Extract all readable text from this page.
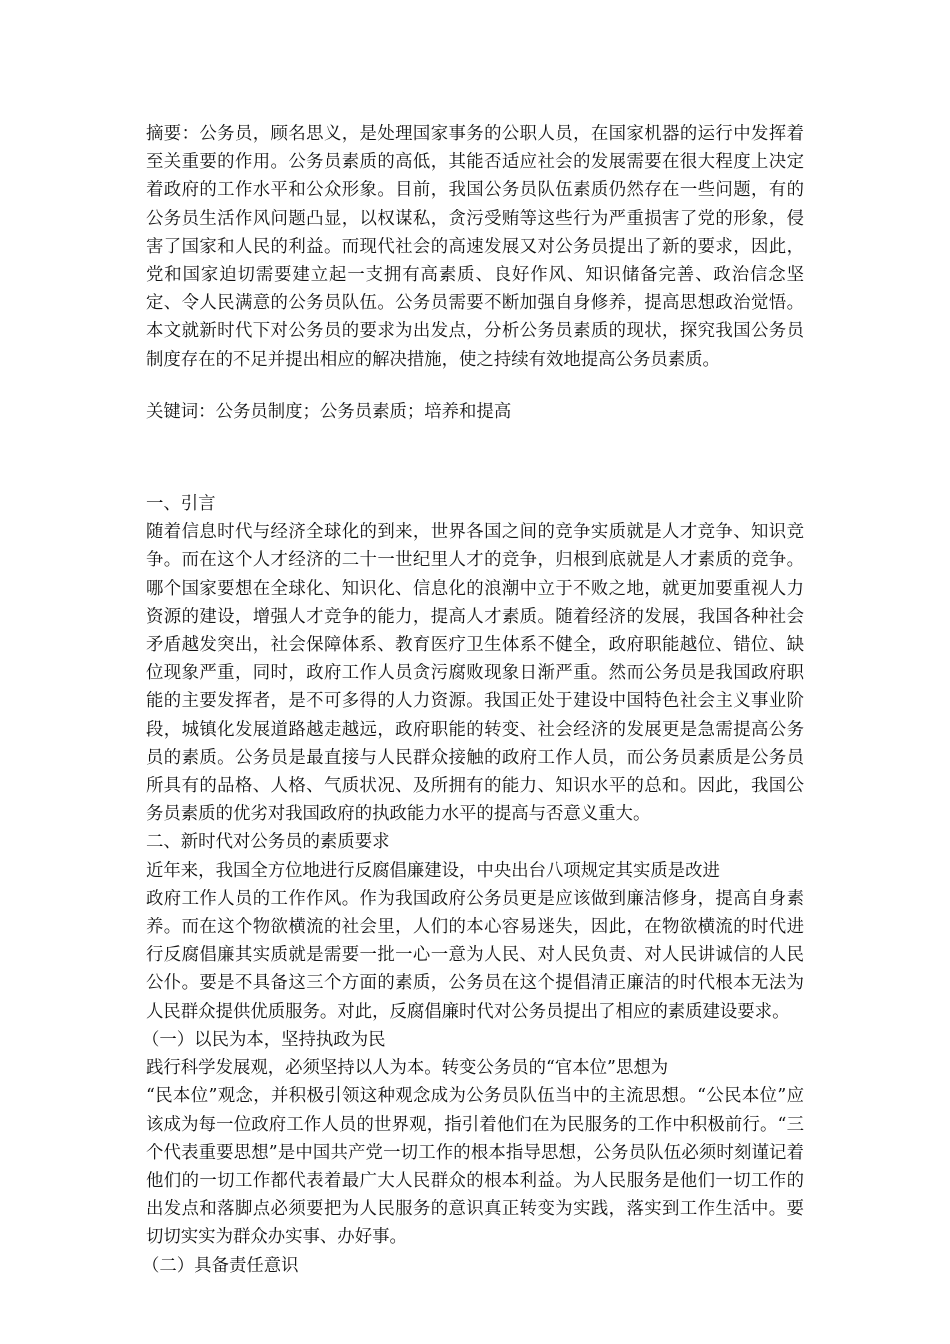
摘要：公务员，顾名思义，是处理国家事务的公职人员，在国家机器的运行中发挥着至关重要的作用。公务员素质的高低，其能否适应社会的发展需要在很大程度上决定着政府的工作水平和公众形象。目前，我国公务员队伍素质仍然存在一些问题，有的公务员生活作风问题凸显，以权谋私，贪污受贿等这些行为严重损害了党的形象，侵害了国家和人民的利益。而现代社会的高速发展又对公务员提出了新的要求，因此，党和国家迫切需要建立起一支拥有高素质、良好作风、知识储备完善、政治信念坚定、令人民满意的公务员队伍。公务员需要不断加强自身修养，提高思想政治觉悟。本文就新时代下对公务员的要求为出发点，分析公务员素质的现状，探究我国公务员制度存在的不足并提出相应的解决措施，使之持续有效地提高公务员素质。

关键词：公务员制度；公务员素质；培养和提高

一、引言

随着信息时代与经济全球化的到来，世界各国之间的竞争实质就是人才竞争、知识竞争。而在这个人才经济的二十一世纪里人才的竞争，归根到底就是人才素质的竞争。哪个国家要想在全球化、知识化、信息化的浪潮中立于不败之地，就更加要重视人力资源的建设，增强人才竞争的能力，提高人才素质。随着经济的发展，我国各种社会矛盾越发突出，社会保障体系、教育医疗卫生体系不健全，政府职能越位、错位、缺位现象严重，同时，政府工作人员贪污腐败现象日渐严重。然而公务员是我国政府职能的主要发挥者，是不可多得的人力资源。我国正处于建设中国特色社会主义事业阶段，城镇化发展道路越走越远，政府职能的转变、社会经济的发展更是急需提高公务员的素质。公务员是最直接与人民群众接触的政府工作人员，而公务员素质是公务员所具有的品格、人格、气质状况、及所拥有的能力、知识水平的总和。因此，我国公务员素质的优劣对我国政府的执政能力水平的提高与否意义重大。

二、新时代对公务员的素质要求

近年来，我国全方位地进行反腐倡廉建设，中央出台八项规定其实质是改进

政府工作人员的工作作风。作为我国政府公务员更是应该做到廉洁修身，提高自身素养。而在这个物欲横流的社会里，人们的本心容易迷失，因此，在物欲横流的时代进行反腐倡廉其实质就是需要一批一心一意为人民、对人民负责、对人民讲诚信的人民公仆。要是不具备这三个方面的素质，公务员在这个提倡清正廉洁的时代根本无法为人民群众提供优质服务。对此，反腐倡廉时代对公务员提出了相应的素质建设要求。

（一）以民为本，坚持执政为民

践行科学发展观，必须坚持以人为本。转变公务员的“官本位”思想为

“民本位”观念，并积极引领这种观念成为公务员队伍当中的主流思想。“公民本位”应该成为每一位政府工作人员的世界观，指引着他们在为民服务的工作中积极前行。“三个代表重要思想”是中国共产党一切工作的根本指导思想，公务员队伍必须时刻谨记着他们的一切工作都代表着最广大人民群众的根本利益。为人民服务是他们一切工作的出发点和落脚点必须要把为人民服务的意识真正转变为实践，落实到工作生活中。要切切实实为群众办实事、办好事。

（二）具备责任意识
